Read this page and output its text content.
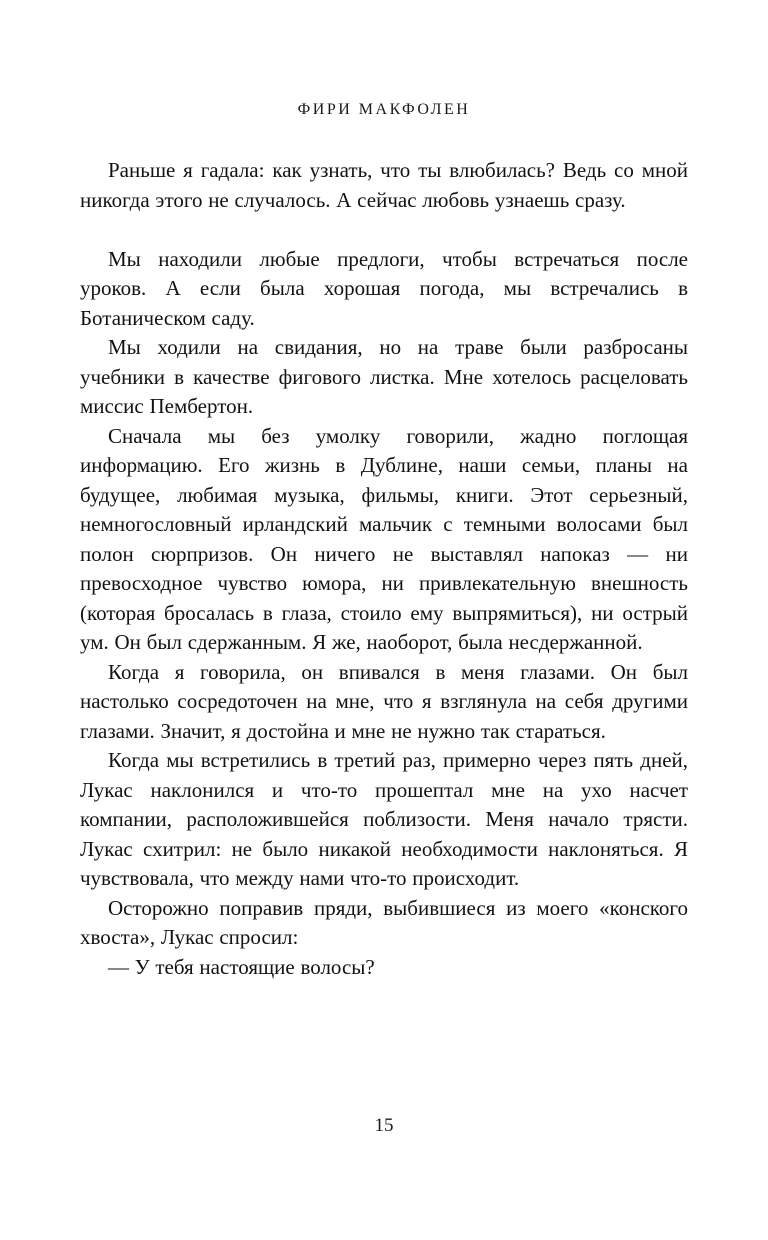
ФИРИ МАКФОЛЕН

Раньше я гадала: как узнать, что ты влюбилась? Ведь со мной никогда этого не случалось. А сейчас любовь узнаешь сразу.

Мы находили любые предлоги, чтобы встречаться после уроков. А если была хорошая погода, мы встречались в Ботаническом саду.

Мы ходили на свидания, но на траве были разбросаны учебники в качестве фигового листка. Мне хотелось расцеловать миссис Пембертон.

Сначала мы без умолку говорили, жадно поглощая информацию. Его жизнь в Дублине, наши семьи, планы на будущее, любимая музыка, фильмы, книги. Этот серьезный, немногословный ирландский мальчик с темными волосами был полон сюрпризов. Он ничего не выставлял напоказ — ни превосходное чувство юмора, ни привлекательную внешность (которая бросалась в глаза, стоило ему выпрямиться), ни острый ум. Он был сдержанным. Я же, наоборот, была несдержанной.

Когда я говорила, он впивался в меня глазами. Он был настолько сосредоточен на мне, что я взглянула на себя другими глазами. Значит, я достойна и мне не нужно так стараться.

Когда мы встретились в третий раз, примерно через пять дней, Лукас наклонился и что-то прошептал мне на ухо насчет компании, расположившейся поблизости. Меня начало трясти. Лукас схитрил: не было никакой необходимости наклоняться. Я чувствовала, что между нами что-то происходит.

Осторожно поправив пряди, выбившиеся из моего «конского хвоста», Лукас спросил:

— У тебя настоящие волосы?

15
